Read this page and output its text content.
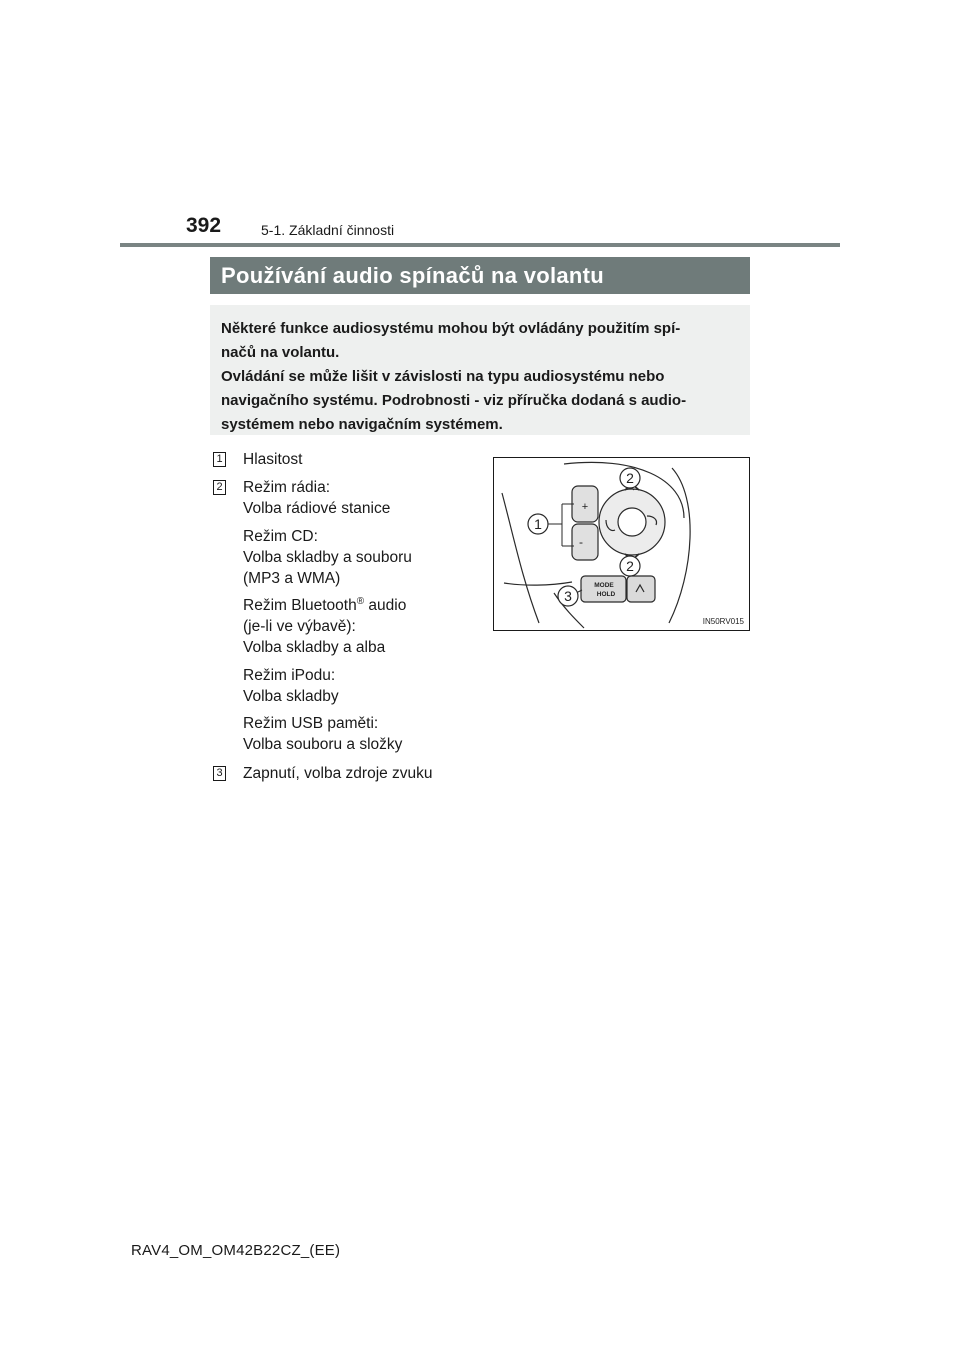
392	5-1. Základní činnosti
Používání audio spínačů na volantu

Některé funkce audiosystému mohou být ovládány použitím spí-

načů na volantu.

Ovládání se může lišit v závislosti na typu audiosystému nebo

navigačního systému. Podrobnosti - viz příručka dodaná s audio-

systémem nebo navigačním systémem.

1 Hlasitost
2 Režim rádia:
Volba rádiové stanice
Režim CD:
Volba skladby a souboru
(MP3 a WMA)
Režim Bluetooth® audio
(je-li ve výbavě):
Volba skladby a alba
Režim iPodu:
Volba skladby
Režim USB paměti:
Volba souboru a složky
3 Zapnutí, volba zdroje zvuku
+
-
MODE
HOLD
1
2
2
3
IN50RV015
RAV4_OM_OM42B22CZ_(EE)
